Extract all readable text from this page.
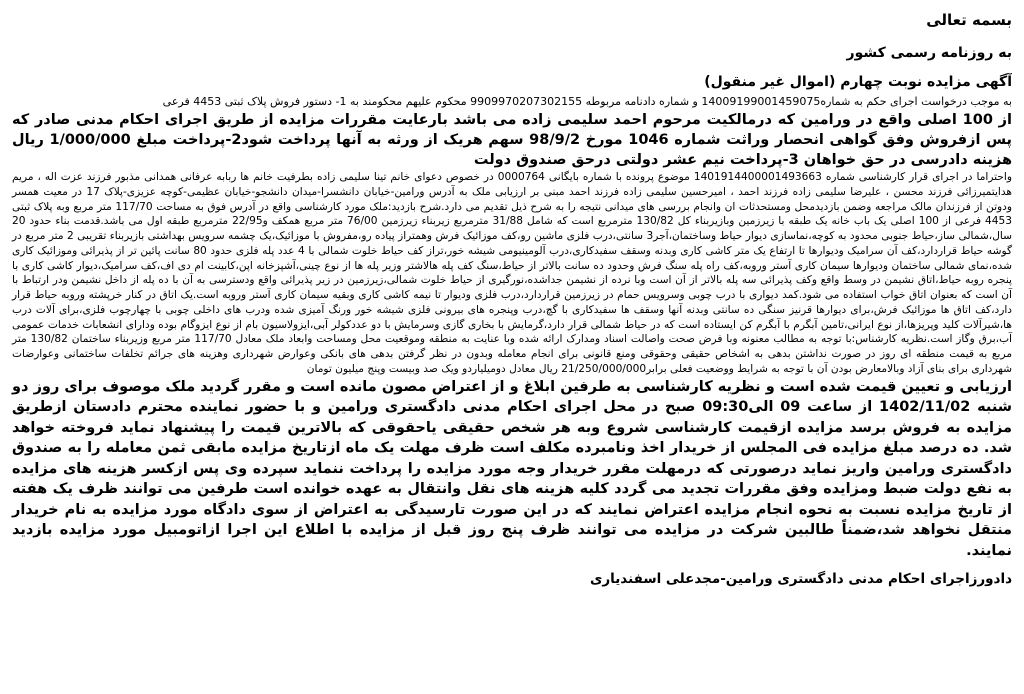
بسمه تعالی
به روزنامه رسمی کشور
آگهی مزایده نوبت چهارم (اموال غیر منقول)
به موجب درخواست اجرای حکم به شماره1400919900145907​5 و شماره دادنامه مربوطه 9909970207302155 محکوم علیهم محکومند به 1- دستور فروش پلاک ثبتی 4453 فرعی
از 100 اصلی واقع در ورامین که درمالکیت مرحوم احمد سلیمی زاده می باشد بارعایت مقررات مزایده از طریق اجرای احکام مدنی صادر که پس ازفروش وفق گواهی انحصار وراثت شماره 1046 مورخ 98/9/2 سهم هریک از ورثه به آنها پرداخت شود2-پرداخت مبلغ 1/000/000 ریال هزینه دادرسی در حق خواهان 3-پرداخت نیم عشر دولتی درحق صندوق دولت
واحتراما در اجرای قرار کارشناسی شماره 1401914400001493663 موضوع پرونده با شماره بایگانی 0000764 در خصوص دعوای خانم تینا سلیمی زاده بطرفیت خانم ها ربابه عرفانی همدانی مذبور فرزند عزت اله ، مریم هدایتمیرزائی فرزند محسن ، علیرضا سلیمی زاده فرزند احمد ، امیرحسین سلیمی زاده فرزند احمد مبنی بر ارزیابی ملک به آدرس ورامین-خیابان دانشسرا-میدان دانشجو-خیابان عظیمی-کوچه عزیزی-پلاک 17 در معیت همسر ودوتن از فرزندان مالک مراجعه وضمن بازدیدمحل ومستحدثات ان وانجام بررسی های میدانی نتیجه را به شرح ذیل تقدیم می دارد.شرح بازدید:ملک مورد کارشناسی واقع در آدرس فوق به مساحت 117/70 متر مربع وبه پلاک ثبتی 4453 فرعی از 100 اصلی یک باب خانه یک طبقه با زیرزمین وبازیربناء کل 130/82 مترمربع است که شامل 31/88 مترمربع زیربناء زیرزمین 76/00 متر مربع همکف و22/95 مترمربع طبقه اول می باشد.قدمت بناء حدود 20 سال،شمالی ساز،حیاط جنوبی محدود به کوچه،نماسازی دیوار حیاط وساختمان،آجر3 سانتی،درب فلزی ماشین رو،کف موزائیک فرش وهمتراز پیاده رو،مفروش با موزائیک،یک چشمه سرویس بهداشتی بازیربناء تقریبی 2 متر مربع در گوشه حیاط قراردارد،کف آن سرامیک ودیوارها تا ارتفاع یک متر کاشی کاری وبدنه وسقف سفیدکاری،درب آلومینیومی شیشه خور،تراز کف حیاط خلوت شمالی با 4 عدد پله فلزی حدود 80 سانت پائین تر از پذیرائی وموزائیک کاری شده،نمای شمالی ساختمان ودیوارها سیمان کاری آستر وروبه،کف راه پله سنگ فرش وحدود ده سانت بالاتر از حیاط،سنگ کف پله هالاشتر وزیر پله ها از نوع چینی،آشپزخانه اپن،کابینت ام دی اف،کف سرامیک،دیوار کاشی کاری با پنجره روبه حیاط،اتاق نشیمن در وسط واقع وکف پذیرائی سه پله بالاتر از آن است وبا نرده از نشیمن جداشده،نورگیری از حیاط خلوت شمالی،زیرزمین در زیر پذیرائی واقع ودسترسی به آن با ده پله از داخل نشیمن ودر ارتباط با آن است که بعنوان اتاق خواب استفاده می شود.کمد دیواری با درب چوبی وسرویس حمام در زیرزمین قراردارد،درب فلزی ودیوار تا نیمه کاشی کاری وبقیه سیمان کاری آستر وروبه است.یک اتاق در کنار خرپشته وروبه حیاط قرار دارد،کف اتاق ها موزائیک فرش،برای دیوارها قرنیز سنگی ده سانتی وبدنه آنها وسقف ها سفیدکاری با گچ،درب وپنجره های بیرونی فلزی شیشه خور ورنگ آمیزی شده ودرب های داخلی چوبی با چهارچوب فلزی،برای آلات درب ها،شیرآلات کلید وپریزها،از نوع ایرانی،تامین آبگرم با آبگرم کن ایستاده است که در حیاط شمالی قرار دارد،گرمایش با بخاری گازی وسرمایش با دو عددکولر آبی،ایزولاسیون بام از نوع ایزوگام بوده ودارای انشعابات خدمات عمومی آب،برق وگاز است.نظریه کارشناس:با توجه به مطالب معنونه وبا فرض صحت واصالت اسناد ومدارک ارائه شده وبا عنایت به منطقه وموقعیت محل ومساحت وابعاد ملک معادل 117/70 متر مربع وزیربناء ساختمان 130/82 متر مربع به قیمت منطقه ای روز در صورت نداشتن بدهی به اشخاص حقیقی وحقوقی ومنع قانونی برای انجام معامله وبدون در نظر گرفتن بدهی های بانکی وعوارض شهرداری وهزینه های جرائم تخلفات ساختمانی وعوارضات شهرداری برای بنای آزاد وبالامعارض بودن آن با توجه به شرایط ووضعیت فعلی برابر21/250/000/000 ریال معادل دومیلیاردو ویک صد وبیست وپنج میلیون تومان
ارزیابی و تعیین قیمت شده است و نظریه کارشناسی به طرفین ابلاغ و از اعتراض مصون مانده است و مقرر گردید ملک موصوف برای روز دو شنبه 1402/11/02 از ساعت 09 الی09:30 صبح در محل اجرای احکام مدنی دادگستری ورامین و با حضور نماینده محترم دادستان ازطریق مزایده به فروش برسد مزایده ازقیمت کارشناسی شروع وبه هر شخص حقیقی یاحقوقی که بالاترین قیمت را پیشنهاد نماید فروخته خواهد شد. ده درصد مبلغ مزایده فی المجلس از خریدار اخذ ونامبرده مکلف است ظرف مهلت یک ماه ازتاریخ مزایده مابقی ثمن معامله را به صندوق دادگستری ورامین واریز نماید درصورتی که درمهلت مقرر خریدار وجه مورد مزایده را پرداخت ننماید سپرده وی پس ازکسر هزینه های مزایده به نفع دولت ضبط ومزایده وفق مقررات تجدید می گردد کلیه هزینه های نقل وانتقال به عهده خوانده است طرفین می توانند ظرف یک هفته از تاریخ مزایده نسبت به نحوه انجام مزایده اعتراض نمایند که در این صورت تارسیدگی به اعتراض از سوی دادگاه مورد مزایده به نام خریدار منتقل نخواهد شد،ضمناً طالبین شرکت در مزایده می توانند ظرف پنج روز قبل از مزایده با اطلاع این اجرا ازاتومبیل مورد مزایده بازدید نمایند.
دادورزاجرای احکام مدنی دادگستری ورامین-مجدعلی اسفندیاری
